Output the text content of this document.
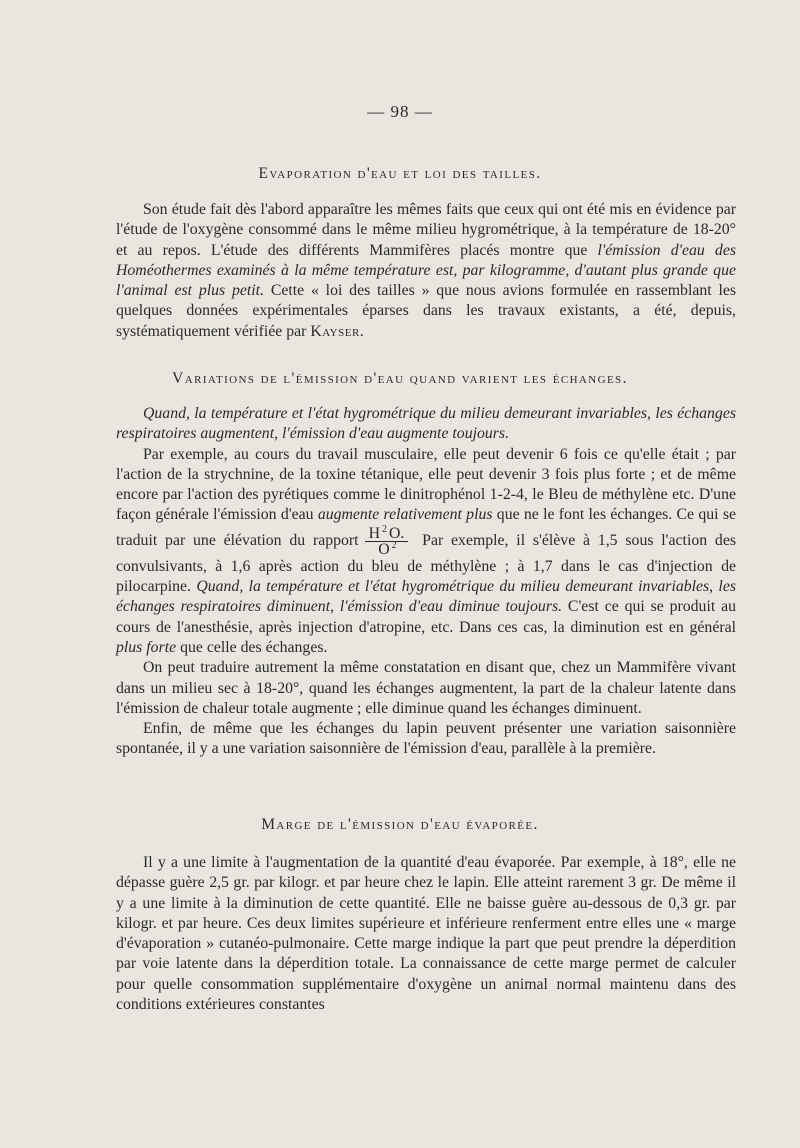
— 98 —
Evaporation d'eau et loi des tailles.

Son étude fait dès l'abord apparaître les mêmes faits que ceux qui ont été mis en évidence par l'étude de l'oxygène consommé dans le même milieu hygrométrique, à la température de 18-20° et au repos. L'étude des différents Mammifères placés montre que l'émission d'eau des Homéothermes examinés à la même température est, par kilogramme, d'autant plus grande que l'animal est plus petit. Cette « loi des tailles » que nous avions formulée en rassemblant les quelques données expérimentales éparses dans les travaux existants, a été, depuis, systématiquement vérifiée par Kayser.

Variations de l'émission d'eau quand varient les échanges.

Quand, la température et l'état hygrométrique du milieu demeurant invariables, les échanges respiratoires augmentent, l'émission d'eau augmente toujours.

Par exemple, au cours du travail musculaire, elle peut devenir 6 fois ce qu'elle était ; par l'action de la strychnine, de la toxine tétanique, elle peut devenir 3 fois plus forte ; et de même encore par l'action des pyrétiques comme le dinitrophénol 1-2-4, le Bleu de méthylène etc. D'une façon générale l'émission d'eau augmente relativement plus que ne le font les échanges. Ce qui se traduit par une élévation du rapport $\frac{H ^2 O.}{O ^2}$ Par exemple, il s'élève à 1,5 sous l'action des convulsivants, à 1,6 après action du bleu de méthylène ; à 1,7 dans le cas d'injection de pilocarpine. Quand, la température et l'état hygrométrique du milieu demeurant invariables, les échanges respiratoires diminuent, l'émission d'eau diminue toujours. C'est ce qui se produit au cours de l'anesthésie, après injection d'atropine, etc. Dans ces cas, la diminution est en général plus forte que celle des échanges.

On peut traduire autrement la même constatation en disant que, chez un Mammifère vivant dans un milieu sec à 18-20°, quand les échanges augmentent, la part de la chaleur latente dans l'émission de chaleur totale augmente ; elle diminue quand les échanges diminuent.

Enfin, de même que les échanges du lapin peuvent présenter une variation saisonnière spontanée, il y a une variation saisonnière de l'émission d'eau, parallèle à la première.

Marge de l'émission d'eau évaporée.

Il y a une limite à l'augmentation de la quantité d'eau évaporée. Par exemple, à 18°, elle ne dépasse guère 2,5 gr. par kilogr. et par heure chez le lapin. Elle atteint rarement 3 gr. De même il y a une limite à la diminution de cette quantité. Elle ne baisse guère au-dessous de 0,3 gr. par kilogr. et par heure. Ces deux limites supérieure et inférieure renferment entre elles une « marge d'évaporation » cutanéo-pulmonaire. Cette marge indique la part que peut prendre la déperdition par voie latente dans la déperdition totale. La connaissance de cette marge permet de calculer pour quelle consommation supplémentaire d'oxygène un animal normal maintenu dans des conditions extérieures constantes
